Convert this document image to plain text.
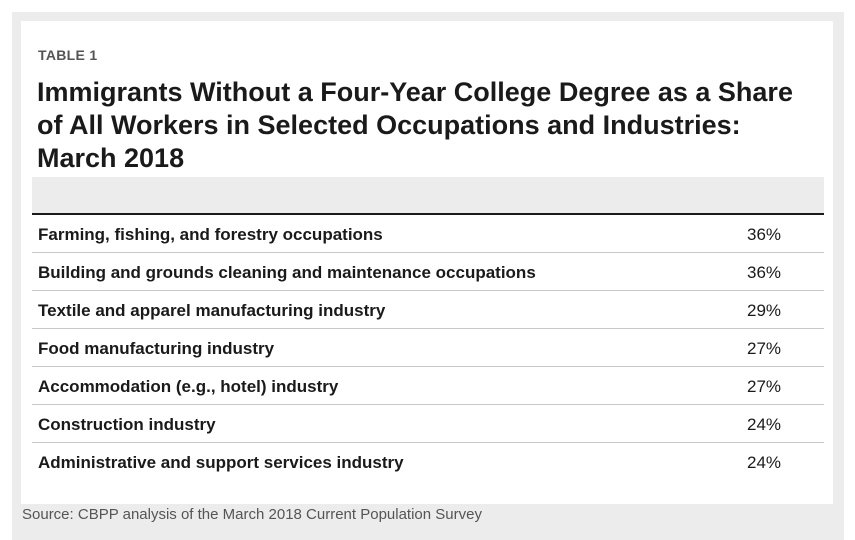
TABLE 1
Immigrants Without a Four-Year College Degree as a Share of All Workers in Selected Occupations and Industries: March 2018
Farming, fishing, and forestry occupations	36%
Building and grounds cleaning and maintenance occupations	36%
Textile and apparel manufacturing industry	29%
Food manufacturing industry	27%
Accommodation (e.g., hotel) industry	27%
Construction industry	24%
Administrative and support services industry	24%

Source: CBPP analysis of the March 2018 Current Population Survey
